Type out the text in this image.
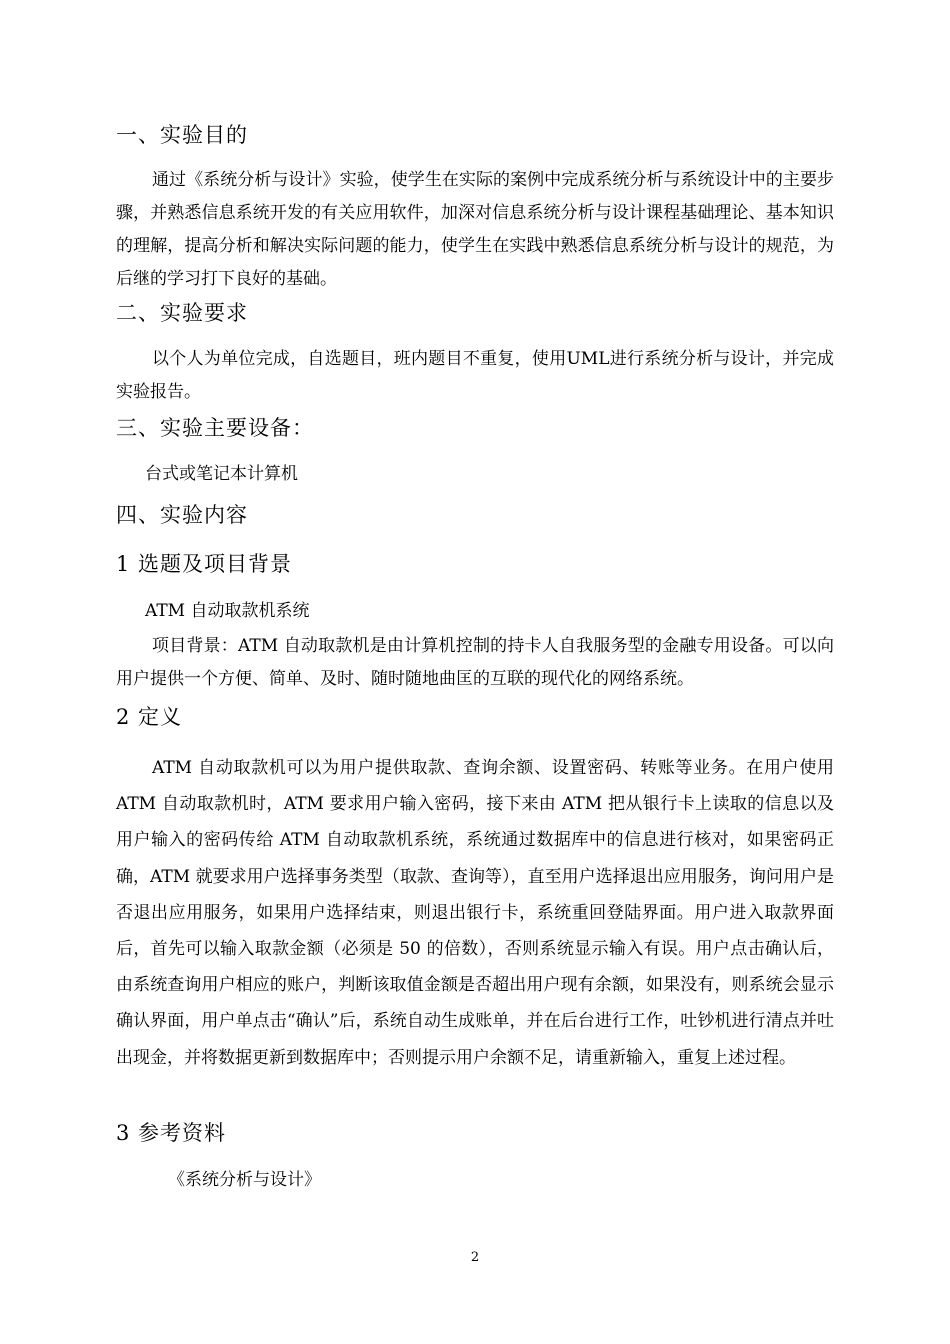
一、实验目的
通过《系统分析与设计》实验，使学生在实际的案例中完成系统分析与系统设计中的主要步骤，并熟悉信息系统开发的有关应用软件，加深对信息系统分析与设计课程基础理论、基本知识的理解，提高分析和解决实际问题的能力，使学生在实践中熟悉信息系统分析与设计的规范，为后继的学习打下良好的基础。
二、实验要求
以个人为单位完成，自选题目，班内题目不重复，使用UML进行系统分析与设计，并完成实验报告。
三、实验主要设备：
台式或笔记本计算机
四、实验内容
1 选题及项目背景
ATM 自动取款机系统
项目背景：ATM 自动取款机是由计算机控制的持卡人自我服务型的金融专用设备。可以向用户提供一个方便、简单、及时、随时随地曲匡的互联的现代化的网络系统。
2 定义
ATM 自动取款机可以为用户提供取款、查询余额、设置密码、转账等业务。在用户使用 ATM 自动取款机时，ATM 要求用户输入密码，接下来由 ATM 把从银行卡上读取的信息以及用户输入的密码传给 ATM 自动取款机系统，系统通过数据库中的信息进行核对，如果密码正确，ATM 就要求用户选择事务类型（取款、查询等），直至用户选择退出应用服务，询问用户是否退出应用服务，如果用户选择结束，则退出银行卡，系统重回登陆界面。用户进入取款界面后，首先可以输入取款金额（必须是 50 的倍数），否则系统显示输入有误。用户点击确认后，由系统查询用户相应的账户，判断该取值金额是否超出用户现有余额，如果没有，则系统会显示确认界面，用户单点击“确认”后，系统自动生成账单，并在后台进行工作，吐钞机进行清点并吐出现金，并将数据更新到数据库中；否则提示用户余额不足，请重新输入，重复上述过程。
3 参考资料
《系统分析与设计》
2
